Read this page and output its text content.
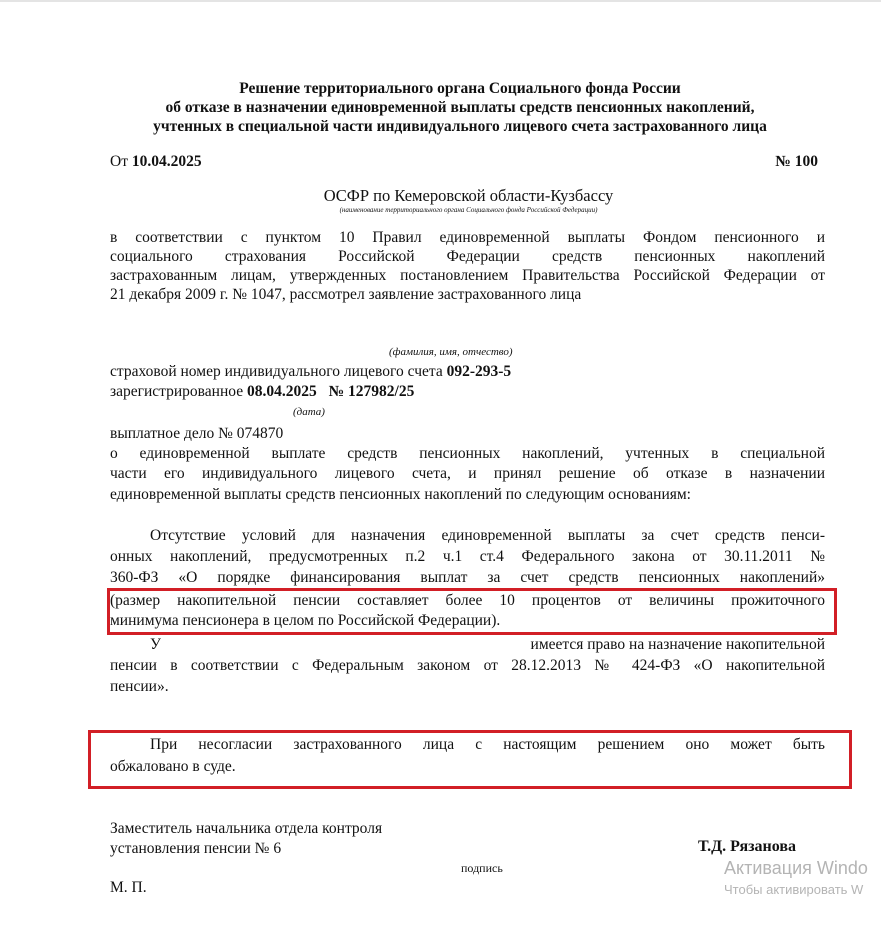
Решение территориального органа Социального фонда России
об отказе в назначении единовременной выплаты средств пенсионных накоплений,
учтенных в специальной части индивидуального лицевого счета застрахованного лица
От 10.04.2025	№ 100
ОСФР по Кемеровской области-Кузбассу
(наименование территориального органа Социального фонда Российской Федерации)
в соответствии с пунктом 10 Правил единовременной выплаты Фондом пенсионного и
социального страхования Российской Федерации средств пенсионных накоплений
застрахованным лицам, утвержденных постановлением Правительства Российской Федерации от
21 декабря 2009 г. № 1047, рассмотрел заявление застрахованного лица
(фамилия, имя, отчество)
страховой номер индивидуального лицевого счета 092-293-5
зарегистрированное 08.04.2025 № 127982/25
(дата)
выплатное дело № 074870
о единовременной выплате средств пенсионных накоплений, учтенных в специальной
части его индивидуального лицевого счета, и принял решение об отказе в назначении
единовременной выплаты средств пенсионных накоплений по следующим основаниям:
Отсутствие условий для назначения единовременной выплаты за счет средств пенси-
онных накоплений, предусмотренных п.2 ч.1 ст.4 Федерального закона от 30.11.2011 №
360-ФЗ «О порядке финансирования выплат за счет средств пенсионных накоплений»
(размер накопительной пенсии составляет более 10 процентов от величины прожиточного
минимума пенсионера в целом по Российской Федерации).
У	имеется право на назначение накопительной
пенсии в соответствии с Федеральным законом от 28.12.2013 № 424-ФЗ «О накопительной
пенсии».
При несогласии застрахованного лица с настоящим решением оно может быть
обжаловано в суде.
Заместитель начальника отдела контроля
установления пенсии № 6	Т.Д. Рязанова
подпись
М. П.
Активация Windo
Чтобы активировать W
